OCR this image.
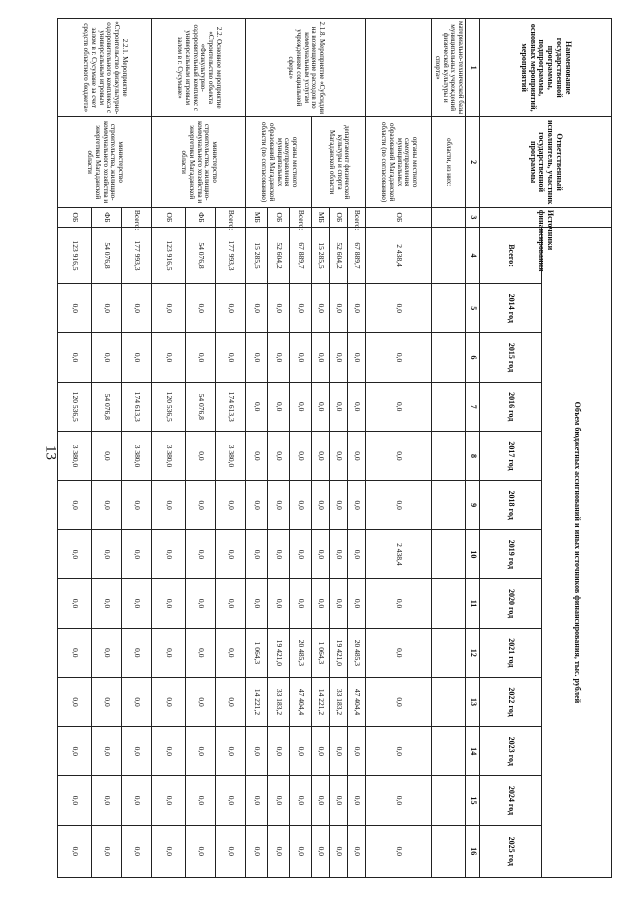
13
Наименование государственной программы, подпрограммы, основных мероприятий, мероприятий	Ответственный исполнитель, участник государственной программы	Источники финансирования	Объем бюджетных ассигнований и иных источников финансирования, тыс. рублей												
			Всего:	2014 год	2015 год	2016 год	2017 год	2018 год	2019 год	2020 год	2021 год	2022 год	2023 год	2024 год	2025 год
1	2	3	4	5	6	7	8	9	10	11	12	13	14	15	16
материально-технической базы муниципальных учреждений физической культуры и спорта»	области, из них:														
	органы местного самоуправления муниципальных образований Магаданской области (по согласованию)	ОБ	2 438,4	0,0	0,0	0,0	0,0	0,0	2 438,4	0,0	0,0	0,0	0,0	0,0	0,0
2.1.8. Мероприятие «Субсидии на возмещение расходов по коммунальным услугам учреждениям социальной сферы»	департамент физической культуры и спорта Магаданской области	Всего:	67 889,7	0,0	0,0	0,0	0,0	0,0	0,0	0,0	20 485,3	47 404,4	0,0	0,0	0,0
		ОБ	52 604,2	0,0	0,0	0,0	0,0	0,0	0,0	0,0	19 421,0	33 183,2	0,0	0,0	0,0
		МБ	15 285,5	0,0	0,0	0,0	0,0	0,0	0,0	0,0	1 064,3	14 221,2	0,0	0,0	0,0
	органы местного самоуправления муниципальных образований Магаданской области (по согласованию)	Всего:	67 889,7	0,0	0,0	0,0	0,0	0,0	0,0	0,0	20 485,3	47 404,4	0,0	0,0	0,0
		ОБ	52 604,2	0,0	0,0	0,0	0,0	0,0	0,0	0,0	19 421,0	33 183,2	0,0	0,0	0,0
		МБ	15 285,5	0,0	0,0	0,0	0,0	0,0	0,0	0,0	1 064,3	14 221,2	0,0	0,0	0,0
2.2. Основное мероприятие «Строительство объекта «Физкультурно-оздоровительный комплекс с универсальным игровым залом в г. Сусумане»	министерство строительства, жилищно-коммунального хозяйства и энергетики Магаданской области	Всего:	177 993,3	0,0	0,0	174 613,3	3 380,0	0,0	0,0	0,0	0,0	0,0	0,0	0,0	0,0
		ФБ	54 076,8	0,0	0,0	54 076,8	0,0	0,0	0,0	0,0	0,0	0,0	0,0	0,0	0,0
		ОБ	123 916,5	0,0	0,0	120 536,5	3 380,0	0,0	0,0	0,0	0,0	0,0	0,0	0,0	0,0
2.2.1. Мероприятие «Строительство физкультурно-оздоровительного комплекса с универсальным игровым залом в г. Сусумане за счет средств областного бюджета»	министерство строительства, жилищно-коммунального хозяйства и энергетики Магаданской области	Всего:	177 993,3	0,0	0,0	174 613,3	3 380,0	0,0	0,0	0,0	0,0	0,0	0,0	0,0	0,0
		ФБ	54 076,8	0,0	0,0	54 076,8	0,0	0,0	0,0	0,0	0,0	0,0	0,0	0,0	0,0
		ОБ	123 916,5	0,0	0,0	120 536,5	3 380,0	0,0	0,0	0,0	0,0	0,0	0,0	0,0	0,0
